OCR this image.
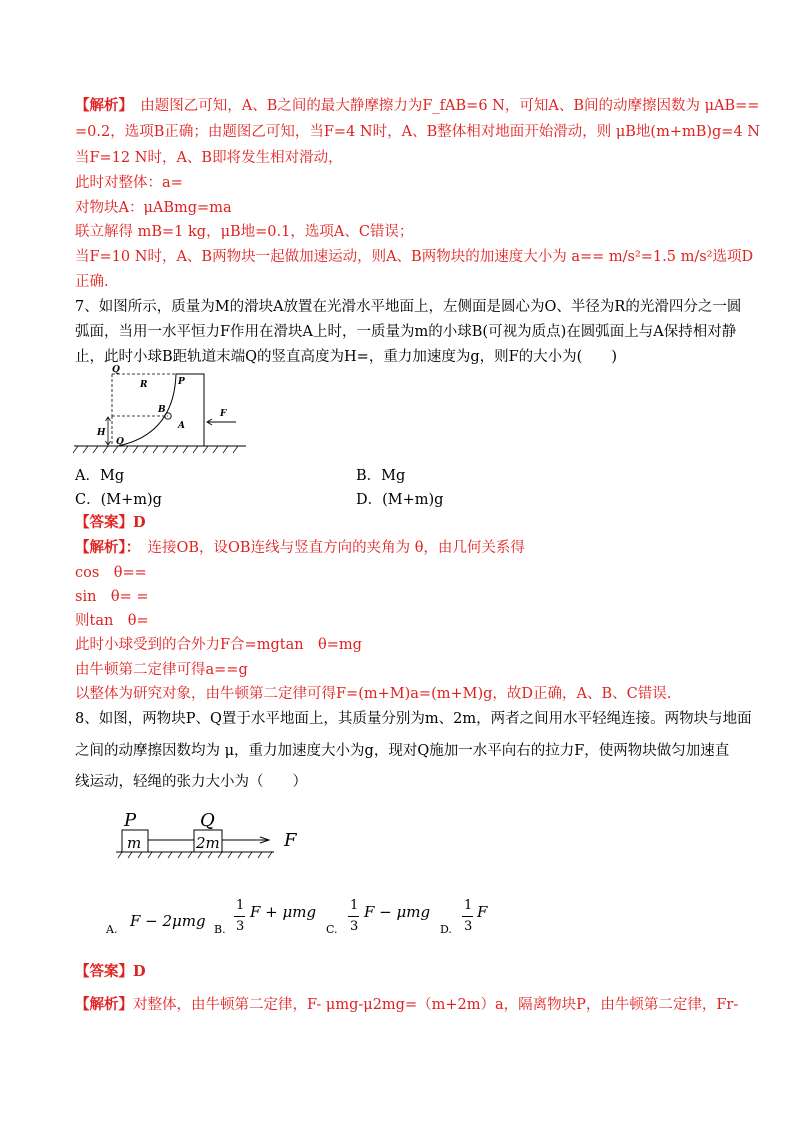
【解析】　由题图乙可知，A、B之间的最大静摩擦力为F_fAB=6 N，可知A、B间的动摩擦因数为 μAB==
=0.2，选项B正确；由题图乙可知，当F=4 N时，A、B整体相对地面开始滑动，则 μB地(m+mB)g=4 N
当F=12 N时，A、B即将发生相对滑动，
此时对整体：a=
对物块A：μABmg=ma
联立解得 mB=1 kg，μB地=0.1，选项A、C错误；
当F=10 N时，A、B两物块一起做加速运动，则A、B两物块的加速度大小为 a== m/s²=1.5 m/s²选项D
正确.
7、如图所示，质量为M的滑块A放置在光滑水平地面上，左侧面是圆心为O、半径为R的光滑四分之一圆
弧面，当用一水平恒力F作用在滑块A上时，一质量为m的小球B(可视为质点)在圆弧面上与A保持相对静
止，此时小球B距轨道末端Q的竖直高度为H=，重力加速度为g，则F的大小为(　　)
Q
R	P
B
A
H
Q
F
A．Mg	B．Mg
C．(M+m)g	D．(M+m)g
【答案】D
【解析】：　连接OB，设OB连线与竖直方向的夹角为 θ，由几何关系得
cos　θ==
sin　θ= =
则tan　θ=
此时小球受到的合外力F合=mgtan　θ=mg
由牛顿第二定律可得a==g
以整体为研究对象，由牛顿第二定律可得F=(m+M)a=(m+M)g，故D正确，A、B、C错误.
8、如图，两物块P、Q置于水平地面上，其质量分别为m、2m，两者之间用水平轻绳连接。两物块与地面
之间的动摩擦因数均为 μ，重力加速度大小为g，现对Q施加一水平向右的拉力F，使两物块做匀加速直
线运动，轻绳的张力大小为（　　）
P
m
Q
2m	F
A. F − 2μmg B.
1
3
F + μmg
C.
1
3
F − μmg
D.
1
3
F
【答案】D
【解析】对整体，由牛顿第二定律，F- μmg-μ2mg=（m+2m）a，隔离物块P，由牛顿第二定律，Fr-
